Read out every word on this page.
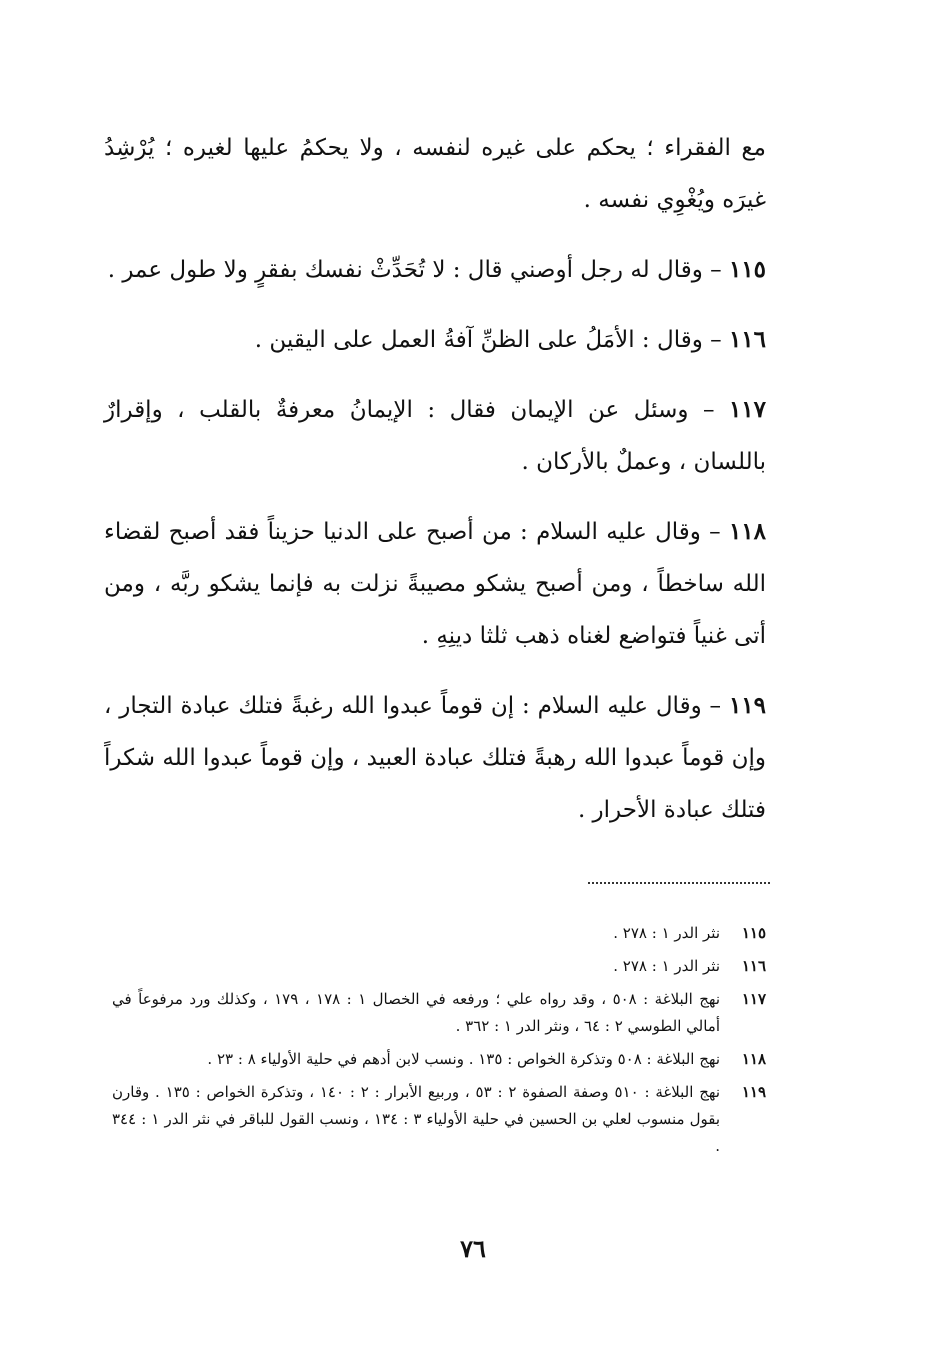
مع الفقراء ؛ يحكم على غيره لنفسه ، ولا يحكمُ عليها لغيره ؛ يُرْشِدُ غيرَه ويُغْوِي نفسه .

١١٥ – وقال له رجل أوصني قال : لا تُحَدِّثْ نفسك بفقرٍ ولا طول عمر .

١١٦ – وقال : الأمَلُ على الظنِّ آفةُ العمل على اليقين .

١١٧ – وسئل عن الإيمان فقال : الإيمانُ معرفةٌ بالقلب ، وإقرارٌ باللسان ، وعملٌ بالأركان .

١١٨ – وقال عليه السلام : من أصبح على الدنيا حزيناً فقد أصبح لقضاء الله ساخطاً ، ومن أصبح يشكو مصيبةً نزلت به فإنما يشكو ربَّه ، ومن أتى غنياً فتواضع لغناه ذهب ثلثا دينِهِ .

١١٩ – وقال عليه السلام : إن قوماً عبدوا الله رغبةً فتلك عبادة التجار ، وإن قوماً عبدوا الله رهبةً فتلك عبادة العبيد ، وإن قوماً عبدوا الله شكراً فتلك عبادة الأحرار .

١١٥
نثر الدر ١ : ٢٧٨ .
١١٦
نثر الدر ١ : ٢٧٨ .
١١٧
نهج البلاغة : ٥٠٨ ، وقد رواه علي ؛ ورفعه في الخصال ١ : ١٧٨ ، ١٧٩ ، وكذلك ورد مرفوعاً في أمالي الطوسي ٢ : ٦٤ ، ونثر الدر ١ : ٣٦٢ .
١١٨
نهج البلاغة : ٥٠٨ وتذكرة الخواص : ١٣٥ . ونسب لابن أدهم في حلية الأولياء ٨ : ٢٣ .
١١٩
نهج البلاغة : ٥١٠ وصفة الصفوة ٢ : ٥٣ ، وربيع الأبرار : ٢ : ١٤٠ ، وتذكرة الخواص : ١٣٥ . وقارن بقول منسوب لعلي بن الحسين في حلية الأولياء ٣ : ١٣٤ ، ونسب القول للباقر في نثر الدر ١ : ٣٤٤ .
٧٦
